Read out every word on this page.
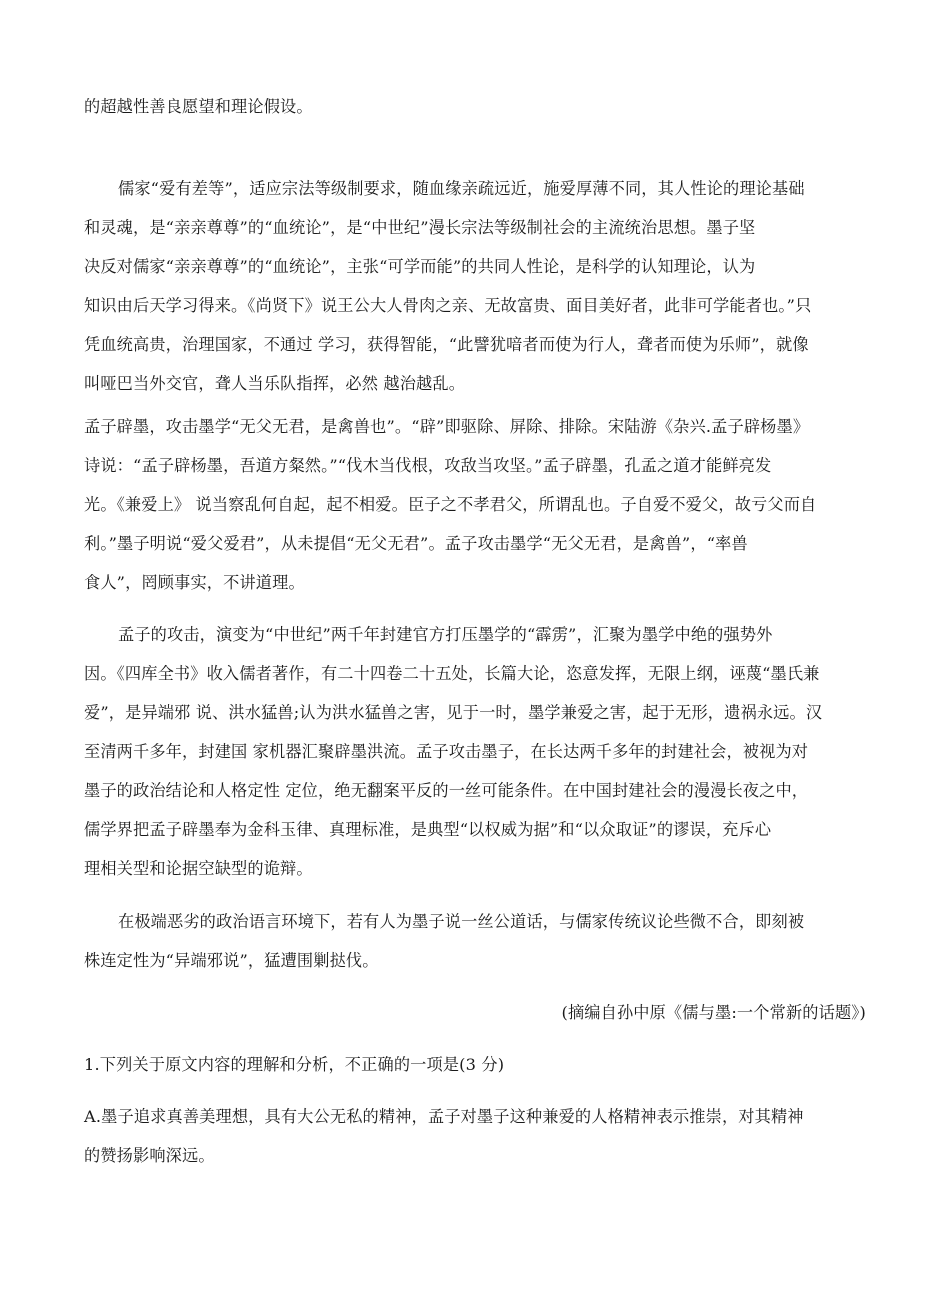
的超越性善良愿望和理论假设。
儒家“爱有差等”，适应宗法等级制要求，随血缘亲疏远近，施爱厚薄不同，其人性论的理论基础
和灵魂，是“亲亲尊尊”的“血统论”，是“中世纪”漫长宗法等级制社会的主流统治思想。墨子坚
决反对儒家“亲亲尊尊”的“血统论”，主张“可学而能”的共同人性论，是科学的认知理论，认为
知识由后天学习得来。《尚贤下》说王公大人骨肉之亲、无故富贵、面目美好者，此非可学能者也。”只
凭血统高贵，治理国家，不通过 学习，获得智能，“此譬犹喑者而使为行人，聋者而使为乐师”，就像
叫哑巴当外交官，聋人当乐队指挥，必然 越治越乱。
孟子辟墨，攻击墨学“无父无君，是禽兽也”。“辟”即驱除、屏除、排除。宋陆游《杂兴.孟子辟杨墨》
诗说：“孟子辟杨墨，吾道方粲然。”“伐木当伐根，攻敌当攻坚。”孟子辟墨，孔孟之道才能鲜亮发
光。《兼爱上》 说当察乱何自起，起不相爱。臣子之不孝君父，所谓乱也。子自爱不爱父，故亏父而自
利。”墨子明说“爱父爱君”，从未提倡“无父无君”。孟子攻击墨学“无父无君，是禽兽”，“率兽
食人”，罔顾事实，不讲道理。
孟子的攻击，演变为“中世纪”两千年封建官方打压墨学的“霹雳”，汇聚为墨学中绝的强势外
因。《四库全书》收入儒者著作，有二十四卷二十五处，长篇大论，恣意发挥，无限上纲，诬蔑“墨氏兼
爱”，是异端邪 说、洪水猛兽;认为洪水猛兽之害，见于一时，墨学兼爱之害，起于无形，遗祸永远。汉
至清两千多年，封建国 家机器汇聚辟墨洪流。孟子攻击墨子，在长达两千多年的封建社会，被视为对
墨子的政治结论和人格定性 定位，绝无翻案平反的一丝可能条件。在中国封建社会的漫漫长夜之中，
儒学界把孟子辟墨奉为金科玉律、真理标准，是典型“以权威为据”和“以众取证”的谬误，充斥心
理相关型和论据空缺型的诡辩。
在极端恶劣的政治语言环境下，若有人为墨子说一丝公道话，与儒家传统议论些微不合，即刻被
株连定性为“异端邪说”，猛遭围剿挞伐。
(摘编自孙中原《儒与墨:一个常新的话题》)
1.下列关于原文内容的理解和分析，不正确的一项是(3 分)
A.墨子追求真善美理想，具有大公无私的精神，孟子对墨子这种兼爱的人格精神表示推崇，对其精神
的赞扬影响深远。
